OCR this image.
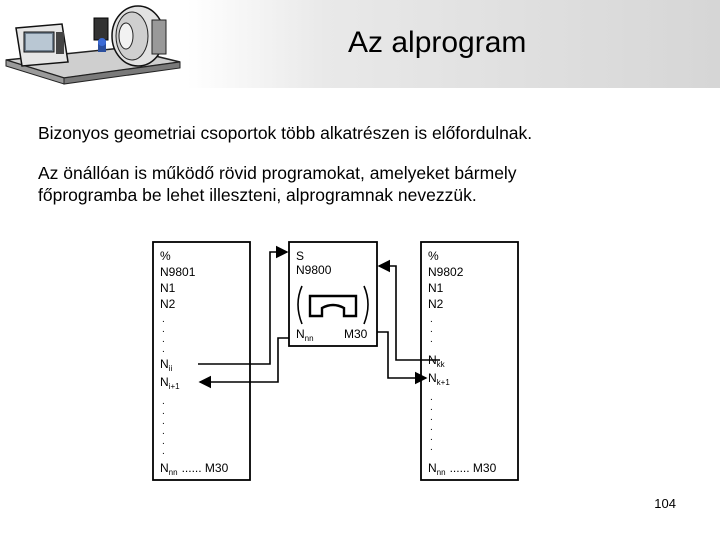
Az alprogram
Bizonyos geometriai csoportok több alkatrészen is előfordulnak.
Az önállóan is működő rövid programokat, amelyeket bármely
főprogramba be lehet illeszteni, alprogramnak nevezzük.
%
N9801
N1
N2
.
.
.
.
$N_{ii}$
$N_{i+1}$
.
.
.
.
.
.
$N_{nn}$ ...... M30
S
N9800
$N_{nn}$	M30
%
N9802
N1
N2
.
.
.
$N_{kk}$
$N_{k+1}$
.
.
.
.
.
.
$N_{nn}$ ...... M30
104
